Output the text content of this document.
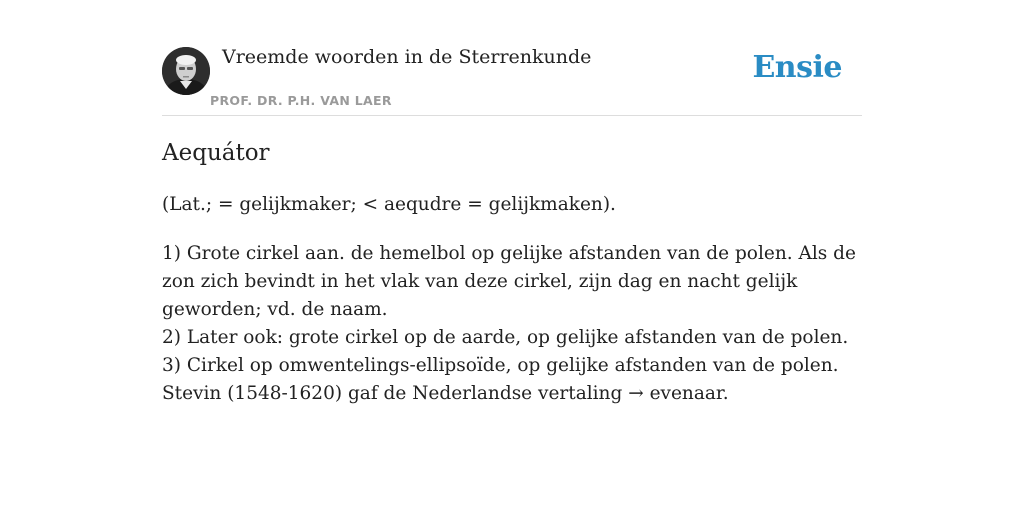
Vreemde woorden in de Sterrenkunde
PROF. DR. P.H. VAN LAER
Ensie
Aequátor

(Lat.; = gelijkmaker; < aequdre = gelijkmaken).

1) Grote cirkel aan. de hemelbol op gelijke afstanden van de polen. Als de zon zich bevindt in het vlak van deze cirkel, zijn dag en nacht gelijk geworden; vd. de naam.

2) Later ook: grote cirkel op de aarde, op gelijke afstanden van de polen.

3) Cirkel op omwentelings-ellipsoïde, op gelijke afstanden van de polen. Stevin (1548-1620) gaf de Nederlandse vertaling → evenaar.
